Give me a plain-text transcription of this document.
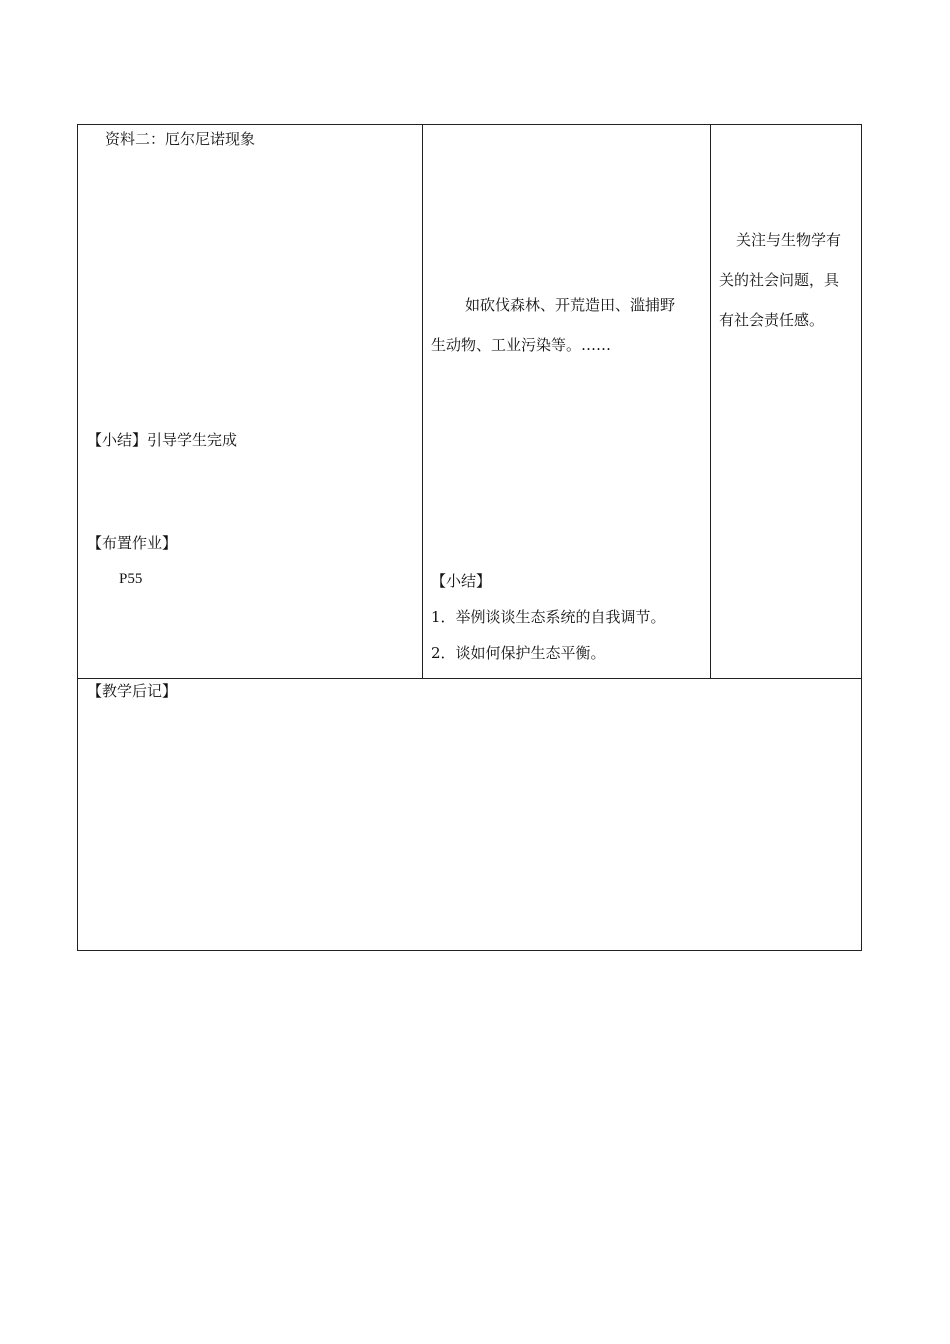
资料二：厄尔尼诺现象
【小结】引导学生完成
【布置作业】
P55
如砍伐森林、开荒造田、滥捕野
生动物、工业污染等。……
【小结】
1．举例谈谈生态系统的自我调节。
2．谈如何保护生态平衡。
关注与生物学有
关的社会问题，具
有社会责任感。
【教学后记】
